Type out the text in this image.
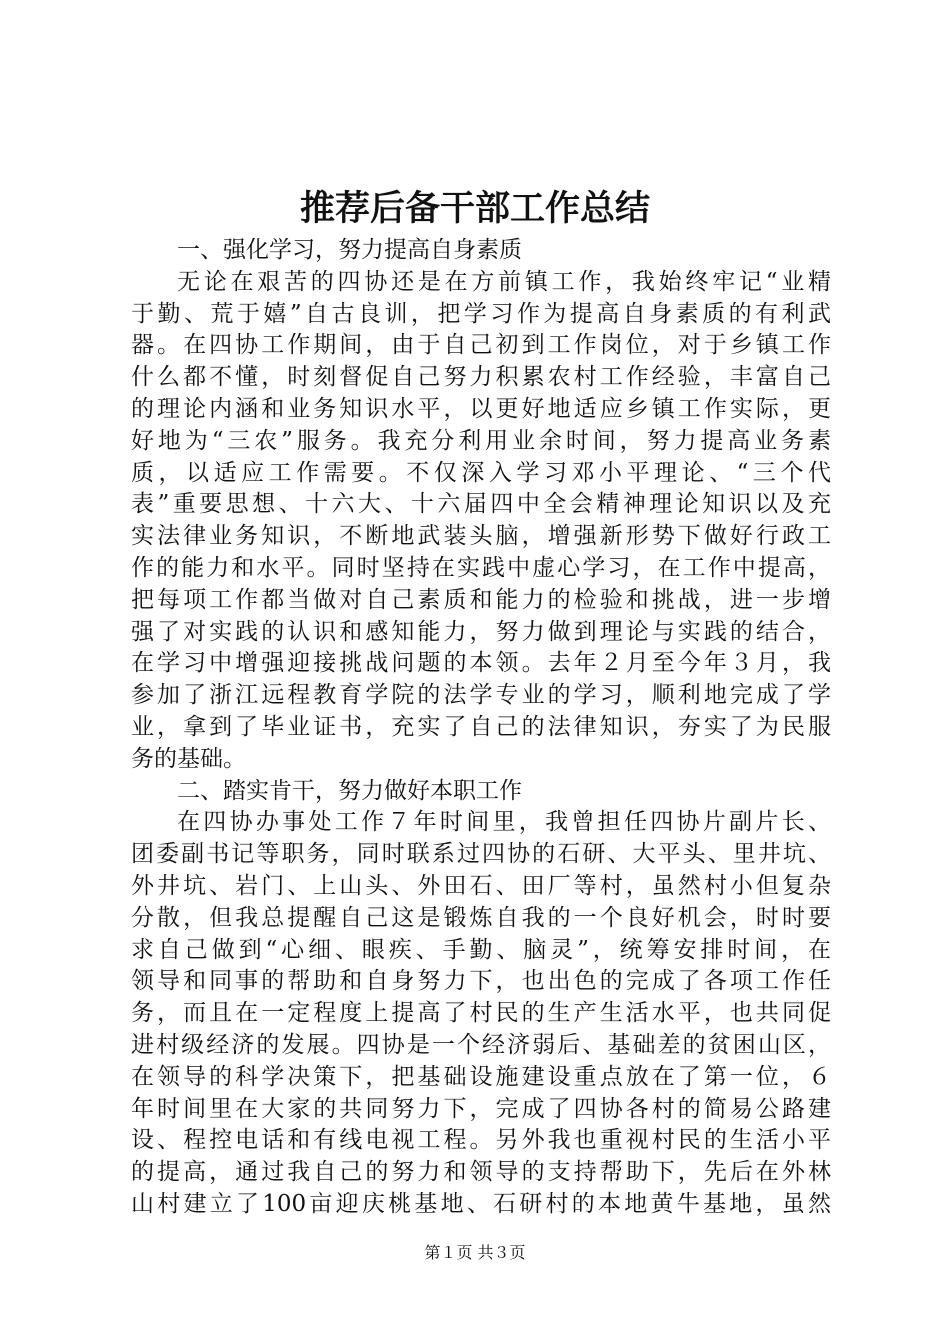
推荐后备干部工作总结
一、强化学习，努力提高自身素质
无论在艰苦的四协还是在方前镇工作，我始终牢记“业精
于勤、荒于嬉”自古良训，把学习作为提高自身素质的有利武
器。在四协工作期间，由于自己初到工作岗位，对于乡镇工作
什么都不懂，时刻督促自己努力积累农村工作经验，丰富自己
的理论内涵和业务知识水平，以更好地适应乡镇工作实际，更
好地为“三农”服务。我充分利用业余时间，努力提高业务素
质，以适应工作需要。不仅深入学习邓小平理论、“三个代
表”重要思想、十六大、十六届四中全会精神理论知识以及充
实法律业务知识，不断地武装头脑，增强新形势下做好行政工
作的能力和水平。同时坚持在实践中虚心学习，在工作中提高，
把每项工作都当做对自己素质和能力的检验和挑战，进一步增
强了对实践的认识和感知能力，努力做到理论与实践的结合，
在学习中增强迎接挑战问题的本领。去年２月至今年３月，我
参加了浙江远程教育学院的法学专业的学习，顺利地完成了学
业，拿到了毕业证书，充实了自己的法律知识，夯实了为民服
务的基础。
二、踏实肯干，努力做好本职工作
在四协办事处工作７年时间里，我曾担任四协片副片长、
团委副书记等职务，同时联系过四协的石研、大平头、里井坑、
外井坑、岩门、上山头、外田石、田厂等村，虽然村小但复杂
分散，但我总提醒自己这是锻炼自我的一个良好机会，时时要
求自己做到“心细、眼疾、手勤、脑灵”，统筹安排时间，在
领导和同事的帮助和自身努力下，也出色的完成了各项工作任
务，而且在一定程度上提高了村民的生产生活水平，也共同促
进村级经济的发展。四协是一个经济弱后、基础差的贫困山区，
在领导的科学决策下，把基础设施建设重点放在了第一位，６
年时间里在大家的共同努力下，完成了四协各村的简易公路建
设、程控电话和有线电视工程。另外我也重视村民的生活小平
的提高，通过我自己的努力和领导的支持帮助下，先后在外林
山村建立了100亩迎庆桃基地、石研村的本地黄牛基地，虽然
第１页 共３页
